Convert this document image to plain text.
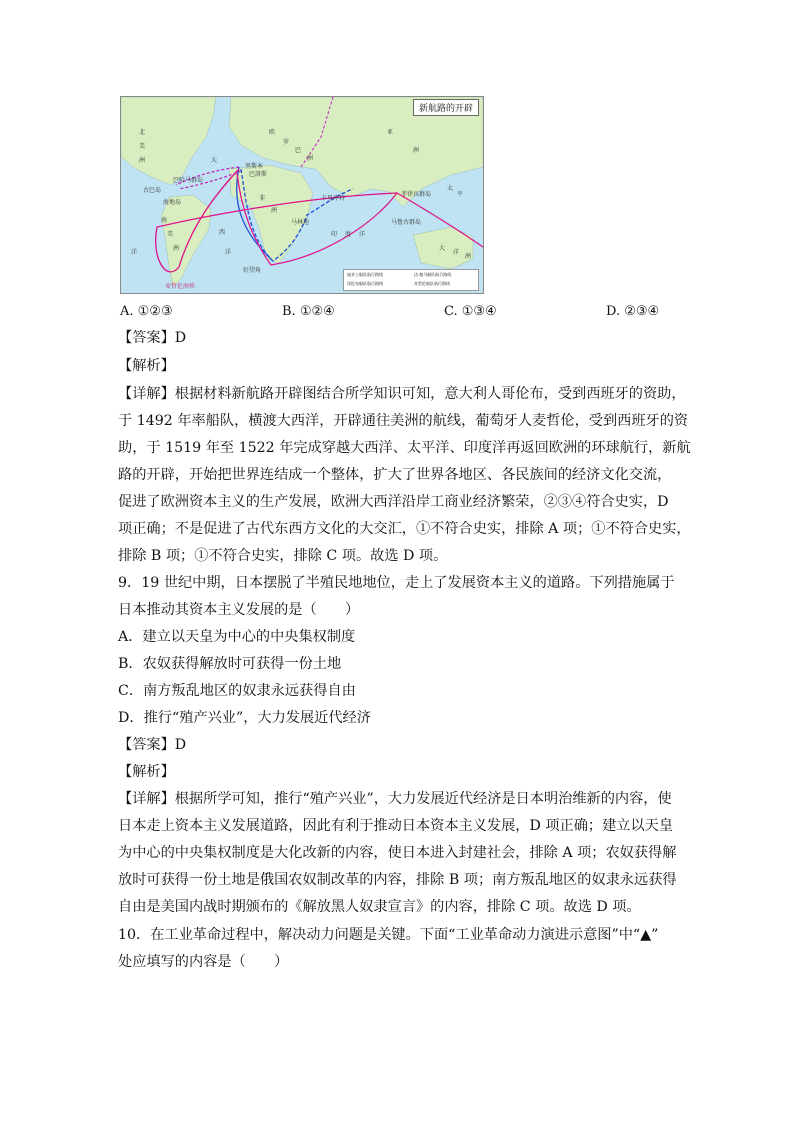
新航路的开辟
北
美
洲
南
美
洲
欧
罗
巴
洲
非
洲
亚
洲
大
洋
洲
大
西
洋
印 度 洋
太
平
洋
古巴岛
巴哈马群岛
海地岛
里斯本
巴洛斯
马林迪
卡里库特
菲律宾群岛
好望角
马鲁古群岛
麦哲伦海峡
迪亚士船队航行路线	达·伽马船队航行路线
哥伦布船队航行路线	麦哲伦船队航行路线
A. ①②③	B. ①②④	C. ①③④	D. ②③④
【答案】D
【解析】
【详解】根据材料新航路开辟图结合所学知识可知，意大利人哥伦布，受到西班牙的资助，
于 1492 年率船队，横渡大西洋，开辟通往美洲的航线，葡萄牙人麦哲伦，受到西班牙的资
助，于 1519 年至 1522 年完成穿越大西洋、太平洋、印度洋再返回欧洲的环球航行，新航
路的开辟，开始把世界连结成一个整体，扩大了世界各地区、各民族间的经济文化交流，
促进了欧洲资本主义的生产发展，欧洲大西洋沿岸工商业经济繁荣，②③④符合史实，D
项正确；不是促进了古代东西方文化的大交汇，①不符合史实，排除 A 项；①不符合史实，
排除 B 项；①不符合史实，排除 C 项。故选 D 项。
9．19 世纪中期，日本摆脱了半殖民地地位，走上了发展资本主义的道路。下列措施属于
日本推动其资本主义发展的是（　　）
A．建立以天皇为中心的中央集权制度
B．农奴获得解放时可获得一份土地
C．南方叛乱地区的奴隶永远获得自由
D．推行“殖产兴业”，大力发展近代经济
【答案】D
【解析】
【详解】根据所学可知，推行“殖产兴业”，大力发展近代经济是日本明治维新的内容，使
日本走上资本主义发展道路，因此有利于推动日本资本主义发展，D 项正确；建立以天皇
为中心的中央集权制度是大化改新的内容，使日本进入封建社会，排除 A 项；农奴获得解
放时可获得一份土地是俄国农奴制改革的内容，排除 B 项；南方叛乱地区的奴隶永远获得
自由是美国内战时期颁布的《解放黑人奴隶宣言》的内容，排除 C 项。故选 D 项。
10．在工业革命过程中，解决动力问题是关键。下面“工业革命动力演进示意图”中“▲”
处应填写的内容是（　　）
